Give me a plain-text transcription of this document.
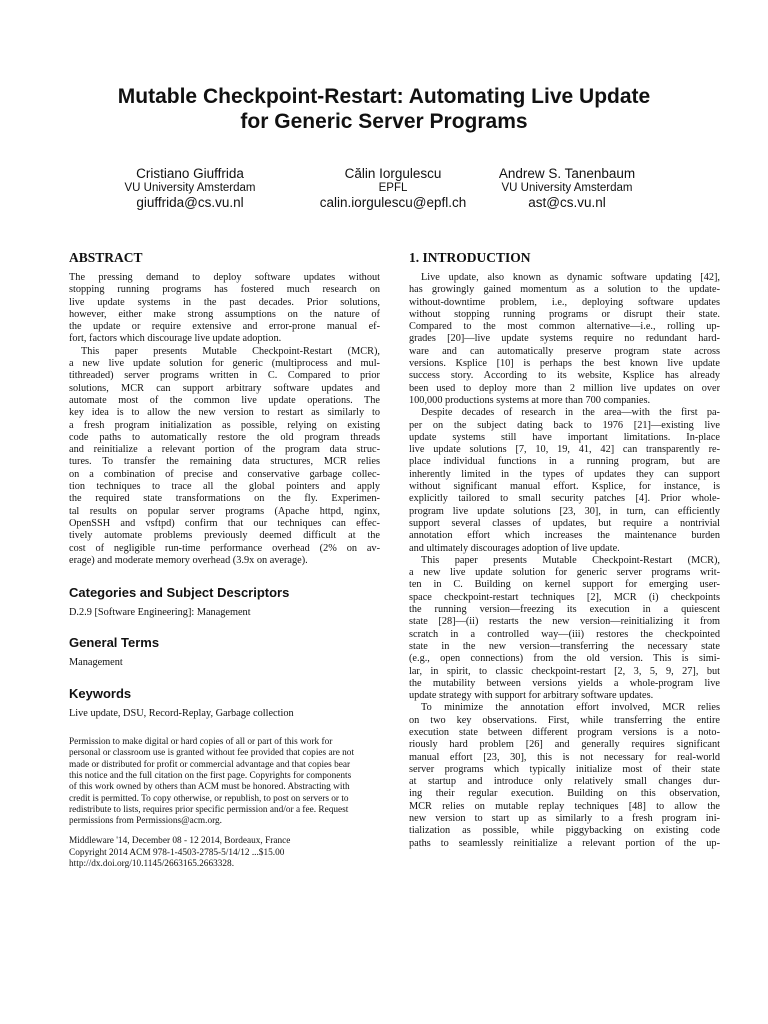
Mutable Checkpoint-Restart: Automating Live Update
for Generic Server Programs
Cristiano Giuffrida
VU University Amsterdam
giuffrida@cs.vu.nl
Călin Iorgulescu
EPFL
calin.iorgulescu@epfl.ch
Andrew S. Tanenbaum
VU University Amsterdam
ast@cs.vu.nl
ABSTRACT
The pressing demand to deploy software updates without
stopping running programs has fostered much research on
live update systems in the past decades. Prior solutions,
however, either make strong assumptions on the nature of
the update or require extensive and error-prone manual ef-
fort, factors which discourage live update adoption.
This paper presents Mutable Checkpoint-Restart (MCR),
a new live update solution for generic (multiprocess and mul-
tithreaded) server programs written in C. Compared to prior
solutions, MCR can support arbitrary software updates and
automate most of the common live update operations. The
key idea is to allow the new version to restart as similarly to
a fresh program initialization as possible, relying on existing
code paths to automatically restore the old program threads
and reinitialize a relevant portion of the program data struc-
tures. To transfer the remaining data structures, MCR relies
on a combination of precise and conservative garbage collec-
tion techniques to trace all the global pointers and apply
the required state transformations on the fly. Experimen-
tal results on popular server programs (Apache httpd, nginx,
OpenSSH and vsftpd) confirm that our techniques can effec-
tively automate problems previously deemed difficult at the
cost of negligible run-time performance overhead (2% on av-
erage) and moderate memory overhead (3.9x on average).
Categories and Subject Descriptors
D.2.9 [Software Engineering]: Management
General Terms
Management
Keywords
Live update, DSU, Record-Replay, Garbage collection
Permission to make digital or hard copies of all or part of this work for
personal or classroom use is granted without fee provided that copies are not
made or distributed for profit or commercial advantage and that copies bear
this notice and the full citation on the first page. Copyrights for components
of this work owned by others than ACM must be honored. Abstracting with
credit is permitted. To copy otherwise, or republish, to post on servers or to
redistribute to lists, requires prior specific permission and/or a fee. Request
permissions from Permissions@acm.org.
Middleware '14, December 08 - 12 2014, Bordeaux, France
Copyright 2014 ACM 978-1-4503-2785-5/14/12 ...$15.00
http://dx.doi.org/10.1145/2663165.2663328.
1. INTRODUCTION
Live update, also known as dynamic software updating [42],
has growingly gained momentum as a solution to the update-
without-downtime problem, i.e., deploying software updates
without stopping running programs or disrupt their state.
Compared to the most common alternative—i.e., rolling up-
grades [20]—live update systems require no redundant hard-
ware and can automatically preserve program state across
versions. Ksplice [10] is perhaps the best known live update
success story. According to its website, Ksplice has already
been used to deploy more than 2 million live updates on over
100,000 productions systems at more than 700 companies.
Despite decades of research in the area—with the first pa-
per on the subject dating back to 1976 [21]—existing live
update systems still have important limitations. In-place
live update solutions [7, 10, 19, 41, 42] can transparently re-
place individual functions in a running program, but are
inherently limited in the types of updates they can support
without significant manual effort. Ksplice, for instance, is
explicitly tailored to small security patches [4]. Prior whole-
program live update solutions [23, 30], in turn, can efficiently
support several classes of updates, but require a nontrivial
annotation effort which increases the maintenance burden
and ultimately discourages adoption of live update.
This paper presents Mutable Checkpoint-Restart (MCR),
a new live update solution for generic server programs writ-
ten in C. Building on kernel support for emerging user-
space checkpoint-restart techniques [2], MCR (i) checkpoints
the running version—freezing its execution in a quiescent
state [28]—(ii) restarts the new version—reinitializing it from
scratch in a controlled way—(iii) restores the checkpointed
state in the new version—transferring the necessary state
(e.g., open connections) from the old version. This is simi-
lar, in spirit, to classic checkpoint-restart [2, 3, 5, 9, 27], but
the mutability between versions yields a whole-program live
update strategy with support for arbitrary software updates.
To minimize the annotation effort involved, MCR relies
on two key observations. First, while transferring the entire
execution state between different program versions is a noto-
riously hard problem [26] and generally requires significant
manual effort [23, 30], this is not necessary for real-world
server programs which typically initialize most of their state
at startup and introduce only relatively small changes dur-
ing their regular execution. Building on this observation,
MCR relies on mutable replay techniques [48] to allow the
new version to start up as similarly to a fresh program ini-
tialization as possible, while piggybacking on existing code
paths to seamlessly reinitialize a relevant portion of the up-
